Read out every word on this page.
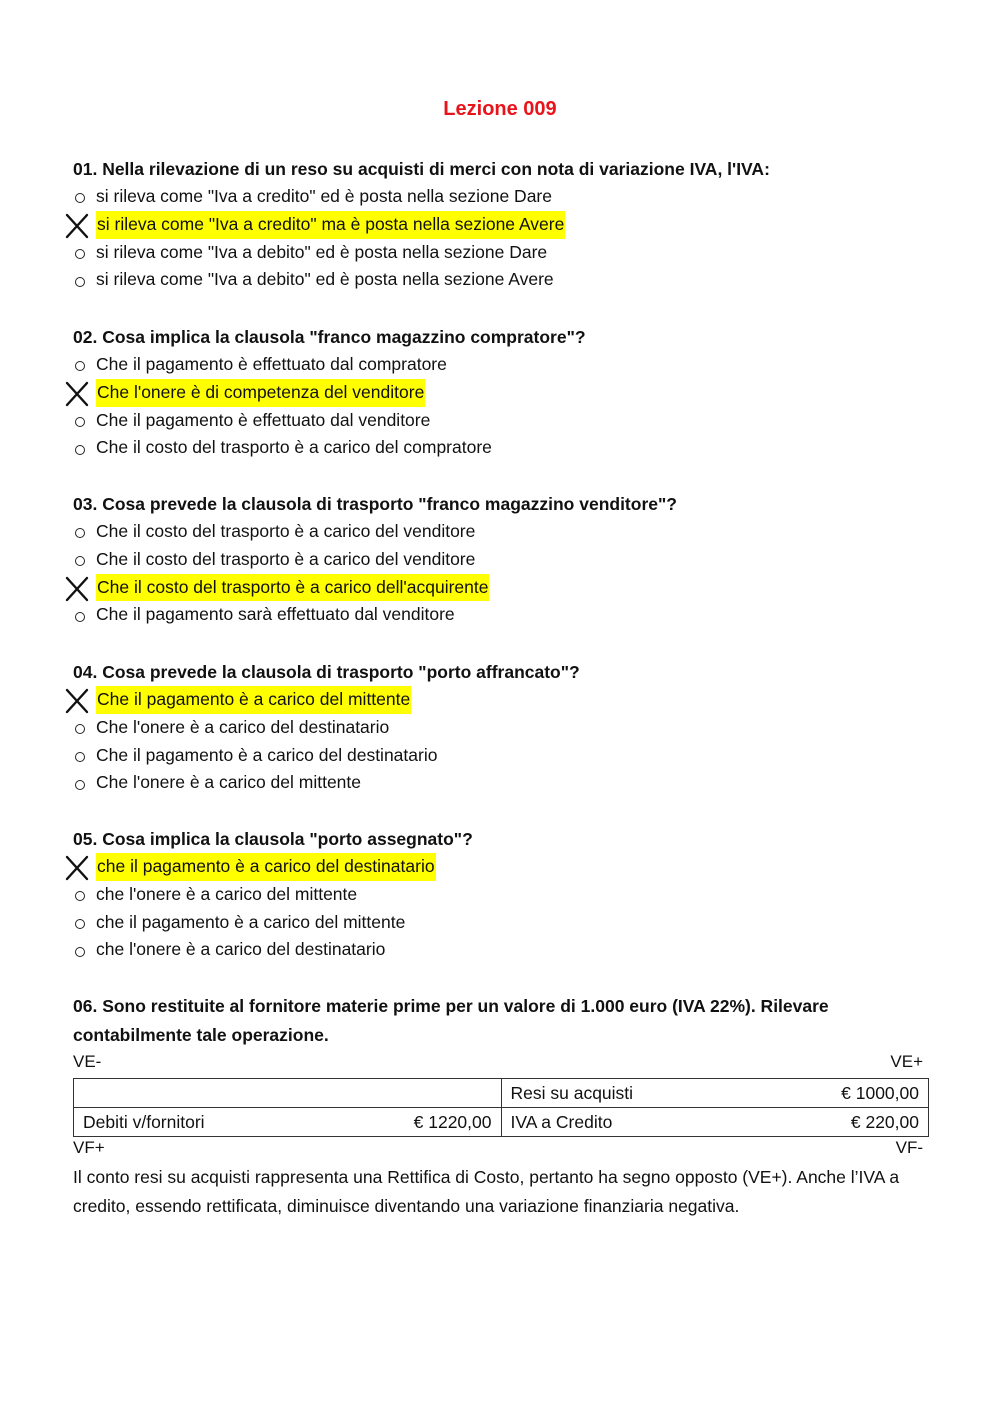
Lezione 009
01. Nella rilevazione di un reso su acquisti di merci con nota di variazione IVA, l'IVA:
si rileva come "Iva a credito" ed è posta nella sezione Dare
si rileva come "Iva a credito" ma è posta nella sezione Avere
si rileva come "Iva a debito" ed è posta nella sezione Dare
si rileva come "Iva a debito" ed è posta nella sezione Avere
02. Cosa implica la clausola "franco magazzino compratore"?
Che il pagamento è effettuato dal compratore
Che l'onere è di competenza del venditore
Che il pagamento è effettuato dal venditore
Che il costo del trasporto è a carico del compratore
03. Cosa prevede la clausola di trasporto "franco magazzino venditore"?
Che il costo del trasporto è a carico del venditore
Che il costo del trasporto è a carico del venditore
Che il costo del trasporto è a carico dell'acquirente
Che il pagamento sarà effettuato dal venditore
04. Cosa prevede la clausola di trasporto "porto affrancato"?
Che il pagamento è a carico del mittente
Che l'onere è a carico del destinatario
Che il pagamento è a carico del destinatario
Che l'onere è a carico del mittente
05. Cosa implica la clausola "porto assegnato"?
che il pagamento è a carico del destinatario
che l'onere è a carico del mittente
che il pagamento è a carico del mittente
che l'onere è a carico del destinatario
06. Sono restituite al fornitore materie prime per un valore di 1.000 euro (IVA 22%). Rilevare
contabilmente tale operazione.
VE-	VE+

	Resi su acquisti € 1000,00

Debiti v/fornitori € 1220,00	IVA a Credito € 220,00
VF+	VF-
Il conto resi su acquisti rappresenta una Rettifica di Costo, pertanto ha segno opposto (VE+). Anche l’IVA a credito, essendo rettificata, diminuisce diventando una variazione finanziaria negativa.
